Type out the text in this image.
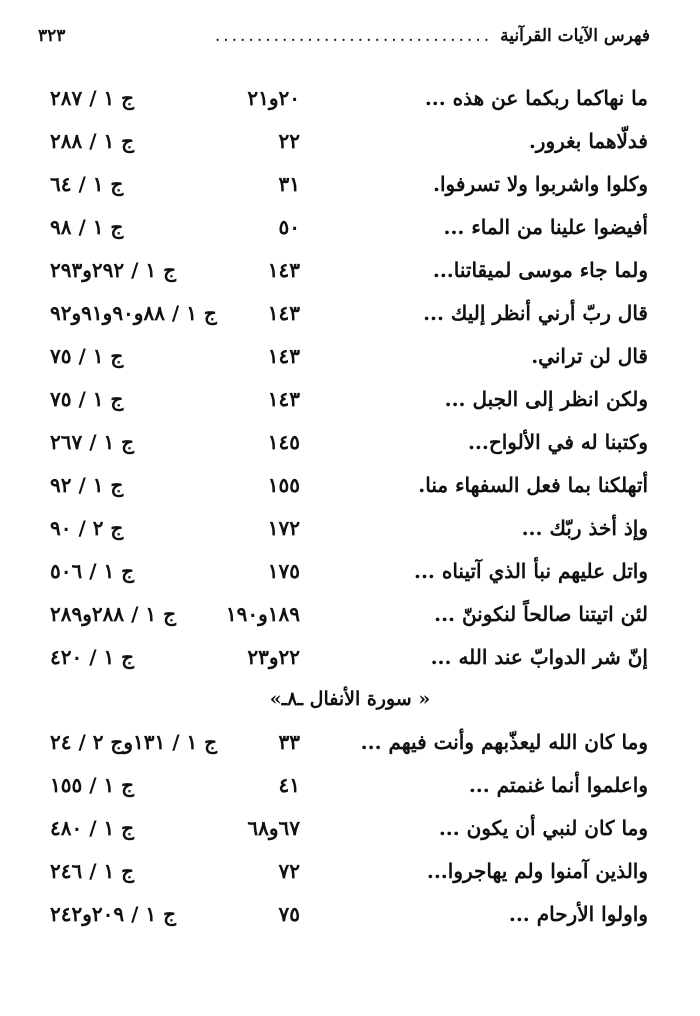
فهرس الآيات القرآنية
.................................
٣٢٣
ما نهاكما ربكما عن هذه ...
٢٠و٢١
ج ١ / ٢٨٧
فدلّاهما بغرور.
٢٢
ج ١ / ٢٨٨
وكلوا واشربوا ولا تسرفوا.
٣١
ج ١ / ٦٤
أفيضوا علينا من الماء ...
٥٠
ج ١ / ٩٨
ولما جاء موسى لميقاتنا...
١٤٣
ج ١ / ٢٩٢و٢٩٣
قال ربّ أرني أنظر إليك ...
١٤٣
ج ١ / ٨٨و٩٠و٩١و٩٢
قال لن تراني.
١٤٣
ج ١ / ٧٥
ولكن انظر إلى الجبل ...
١٤٣
ج ١ / ٧٥
وكتبنا له في الألواح...
١٤٥
ج ١ / ٢٦٧
أتهلكنا بما فعل السفهاء منا.
١٥٥
ج ١ / ٩٢
وإذ أخذ ربّك ...
١٧٢
ج ٢ / ٩٠
واتل عليهم نبأ الذي آتيناه ...
١٧٥
ج ١ / ٥٠٦
لئن اتيتنا صالحاً لنكوننّ ...
١٨٩و١٩٠
ج ١ / ٢٨٨و٢٨٩
إنّ شر الدوابّ عند الله ...
٢٢و٢٣
ج ١ / ٤٢٠
« سورة الأنفال ـ٨ـ»
وما كان الله ليعذّبهم وأنت فيهم ...
٣٣
ج ١ / ١٣١وج ٢ / ٢٤
واعلموا أنما غنمتم ...
٤١
ج ١ / ١٥٥
وما كان لنبي أن يكون ...
٦٧و٦٨
ج ١ / ٤٨٠
والذين آمنوا ولم يهاجروا...
٧٢
ج ١ / ٢٤٦
واولوا الأرحام ...
٧٥
ج ١ / ٢٠٩و٢٤٢
